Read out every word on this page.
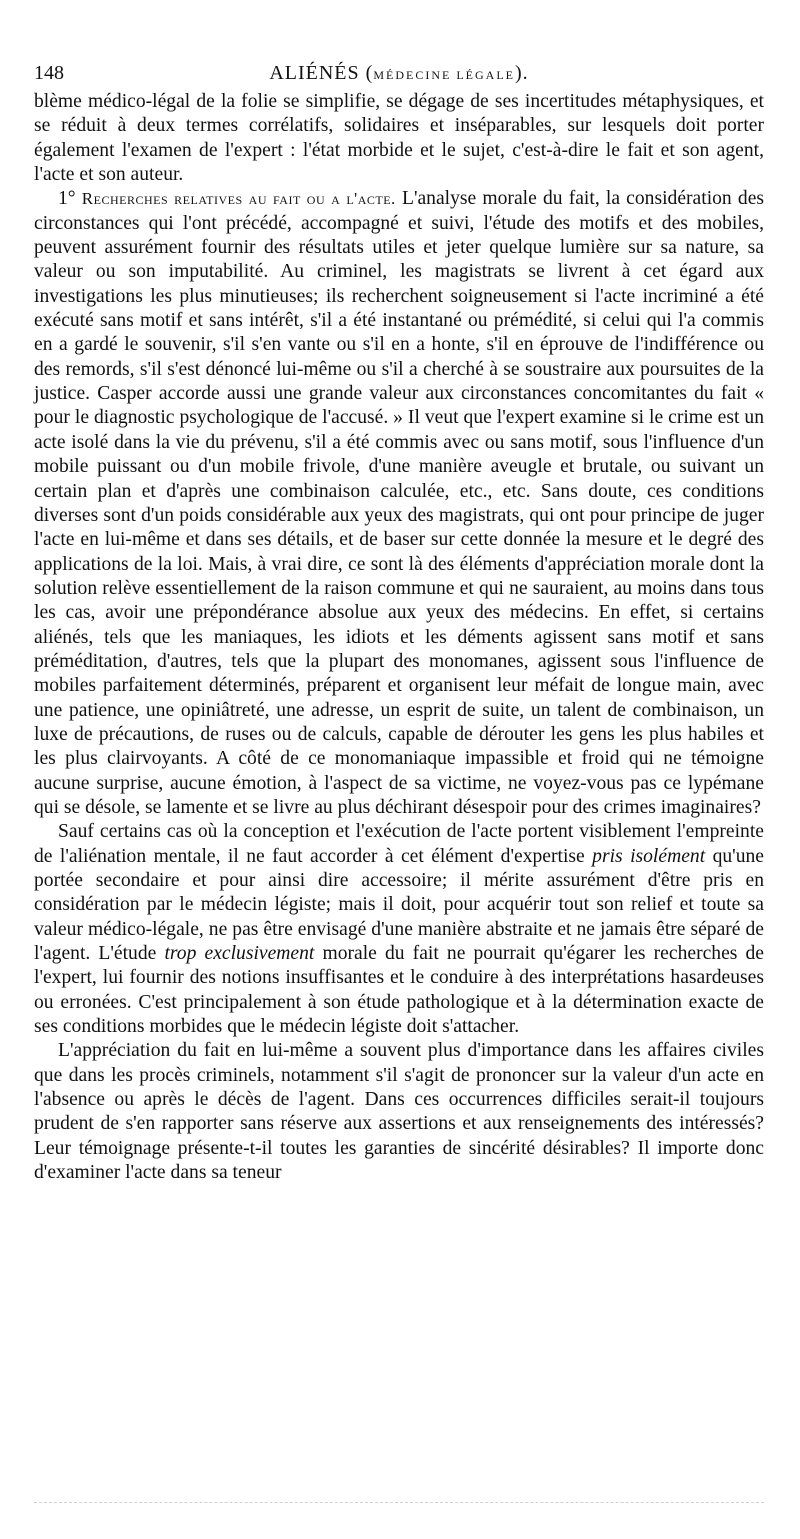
148	ALIÉNÉS (MÉDECINE LÉGALE).

blème médico-légal de la folie se simplifie, se dégage de ses incertitudes métaphysiques, et se réduit à deux termes corrélatifs, solidaires et inséparables, sur lesquels doit porter également l'examen de l'expert : l'état morbide et le sujet, c'est-à-dire le fait et son agent, l'acte et son auteur.

1° Recherches relatives au fait ou a l'acte. L'analyse morale du fait, la considération des circonstances qui l'ont précédé, accompagné et suivi, l'étude des motifs et des mobiles, peuvent assurément fournir des résultats utiles et jeter quelque lumière sur sa nature, sa valeur ou son imputabilité. Au criminel, les magistrats se livrent à cet égard aux investigations les plus minutieuses; ils recherchent soigneusement si l'acte incriminé a été exécuté sans motif et sans intérêt, s'il a été instantané ou prémédité, si celui qui l'a commis en a gardé le souvenir, s'il s'en vante ou s'il en a honte, s'il en éprouve de l'indifférence ou des remords, s'il s'est dénoncé lui-même ou s'il a cherché à se soustraire aux poursuites de la justice. Casper accorde aussi une grande valeur aux circonstances concomitantes du fait « pour le diagnostic psychologique de l'accusé. » Il veut que l'expert examine si le crime est un acte isolé dans la vie du prévenu, s'il a été commis avec ou sans motif, sous l'influence d'un mobile puissant ou d'un mobile frivole, d'une manière aveugle et brutale, ou suivant un certain plan et d'après une combinaison calculée, etc., etc. Sans doute, ces conditions diverses sont d'un poids considérable aux yeux des magistrats, qui ont pour principe de juger l'acte en lui-même et dans ses détails, et de baser sur cette donnée la mesure et le degré des applications de la loi. Mais, à vrai dire, ce sont là des éléments d'appréciation morale dont la solution relève essentiellement de la raison commune et qui ne sauraient, au moins dans tous les cas, avoir une prépondérance absolue aux yeux des médecins. En effet, si certains aliénés, tels que les maniaques, les idiots et les déments agissent sans motif et sans préméditation, d'autres, tels que la plupart des monomanes, agissent sous l'influence de mobiles parfaitement déterminés, préparent et organisent leur méfait de longue main, avec une patience, une opiniâtreté, une adresse, un esprit de suite, un talent de combinaison, un luxe de précautions, de ruses ou de calculs, capable de dérouter les gens les plus habiles et les plus clairvoyants. A côté de ce monomaniaque impassible et froid qui ne témoigne aucune surprise, aucune émotion, à l'aspect de sa victime, ne voyez-vous pas ce lypémane qui se désole, se lamente et se livre au plus déchirant désespoir pour des crimes imaginaires?

Sauf certains cas où la conception et l'exécution de l'acte portent visiblement l'empreinte de l'aliénation mentale, il ne faut accorder à cet élément d'expertise pris isolément qu'une portée secondaire et pour ainsi dire accessoire; il mérite assurément d'être pris en considération par le médecin légiste; mais il doit, pour acquérir tout son relief et toute sa valeur médico-légale, ne pas être envisagé d'une manière abstraite et ne jamais être séparé de l'agent. L'étude trop exclusivement morale du fait ne pourrait qu'égarer les recherches de l'expert, lui fournir des notions insuffisantes et le conduire à des interprétations hasardeuses ou erronées. C'est principalement à son étude pathologique et à la détermination exacte de ses conditions morbides que le médecin légiste doit s'attacher.

L'appréciation du fait en lui-même a souvent plus d'importance dans les affaires civiles que dans les procès criminels, notamment s'il s'agit de prononcer sur la valeur d'un acte en l'absence ou après le décès de l'agent. Dans ces occurrences difficiles serait-il toujours prudent de s'en rapporter sans réserve aux assertions et aux renseignements des intéressés? Leur témoignage présente-t-il toutes les garanties de sincérité désirables? Il importe donc d'examiner l'acte dans sa teneur
